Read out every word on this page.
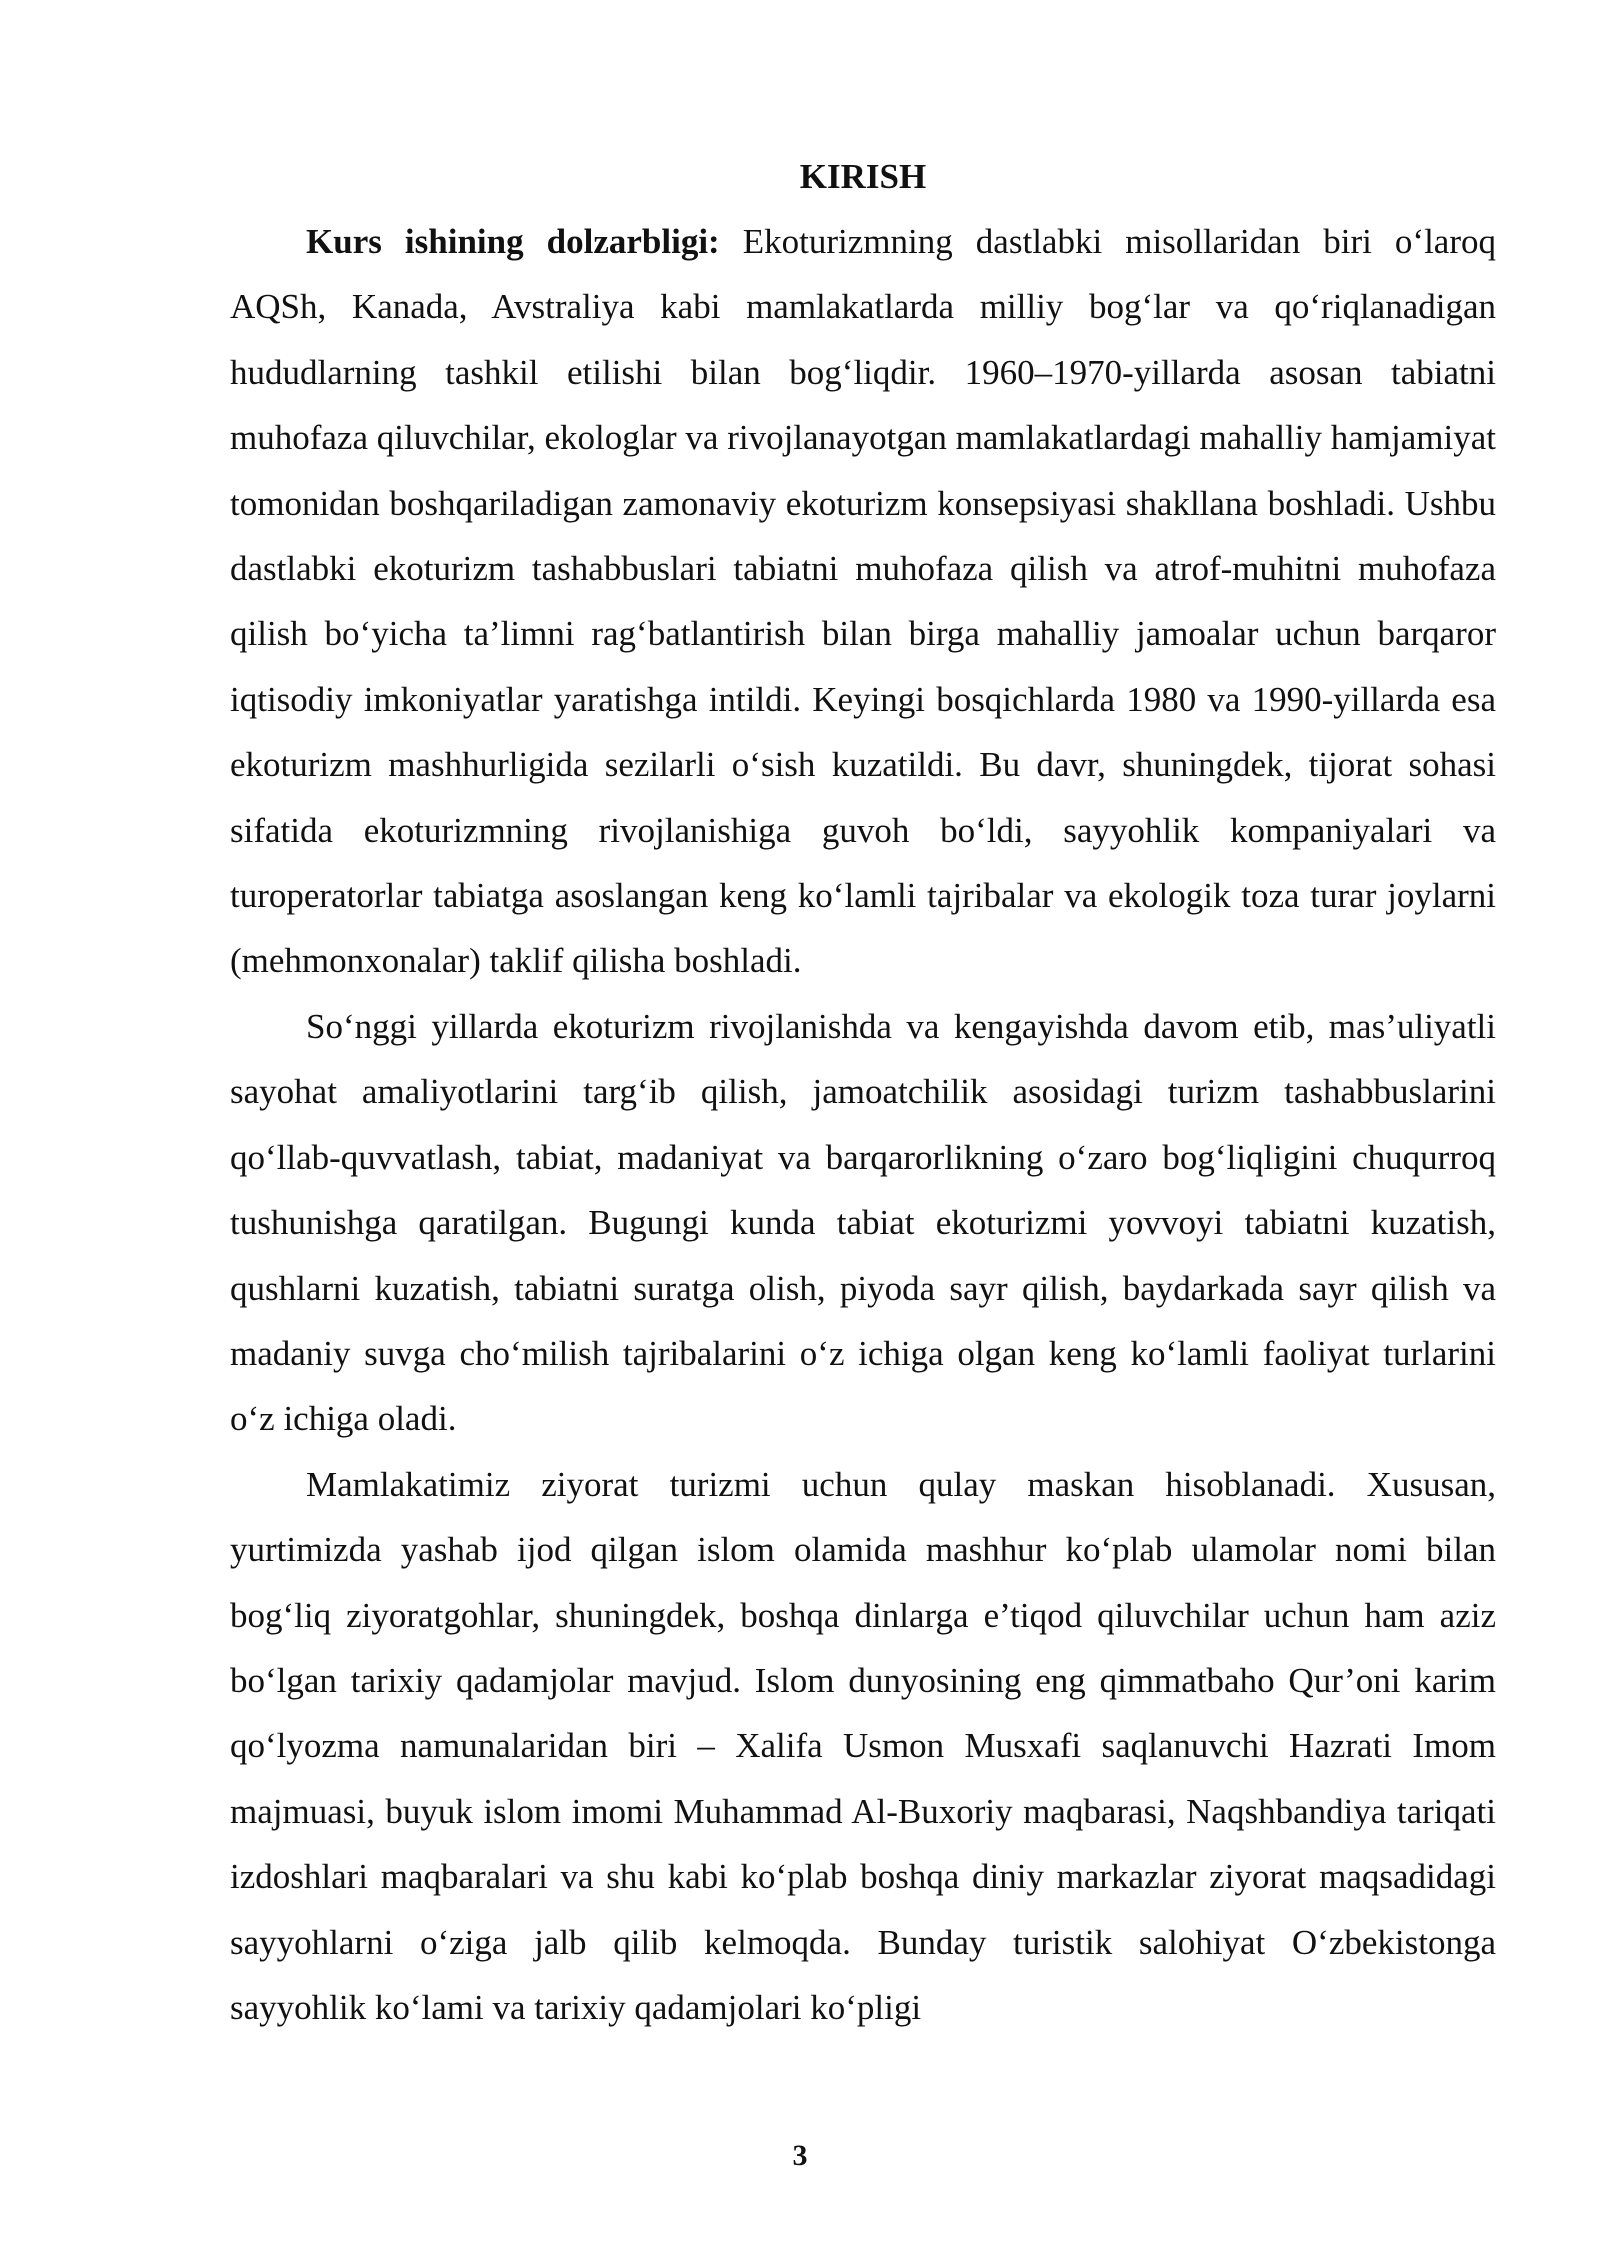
KIRISH

Kurs ishining dolzarbligi: Ekoturizmning dastlabki misollaridan biri o‘laroq AQSh, Kanada, Avstraliya kabi mamlakatlarda milliy bog‘lar va qo‘riqlanadigan hududlarning tashkil etilishi bilan bog‘liqdir. 1960–1970-yillarda asosan tabiatni muhofaza qiluvchilar, ekologlar va rivojlanayotgan mamlakatlardagi mahalliy hamjamiyat tomonidan boshqariladigan zamonaviy ekoturizm konsepsiyasi shakllana boshladi. Ushbu dastlabki ekoturizm tashabbuslari tabiatni muhofaza qilish va atrof-muhitni muhofaza qilish bo‘yicha ta’limni rag‘batlantirish bilan birga mahalliy jamoalar uchun barqaror iqtisodiy imkoniyatlar yaratishga intildi. Keyingi bosqichlarda 1980 va 1990-yillarda esa ekoturizm mashhurligida sezilarli o‘sish kuzatildi. Bu davr, shuningdek, tijorat sohasi sifatida ekoturizmning rivojlanishiga guvoh bo‘ldi, sayyohlik kompaniyalari va turoperatorlar tabiatga asoslangan keng ko‘lamli tajribalar va ekologik toza turar joylarni (mehmonxonalar) taklif qilisha boshladi.

So‘nggi yillarda ekoturizm rivojlanishda va kengayishda davom etib, mas’uliyatli sayohat amaliyotlarini targ‘ib qilish, jamoatchilik asosidagi turizm tashabbuslarini qo‘llab-quvvatlash, tabiat, madaniyat va barqarorlikning o‘zaro bog‘liqligini chuqurroq tushunishga qaratilgan. Bugungi kunda tabiat ekoturizmi yovvoyi tabiatni kuzatish, qushlarni kuzatish, tabiatni suratga olish, piyoda sayr qilish, baydarkada sayr qilish va madaniy suvga cho‘milish tajribalarini o‘z ichiga olgan keng ko‘lamli faoliyat turlarini o‘z ichiga oladi.

Mamlakatimiz ziyorat turizmi uchun qulay maskan hisoblanadi. Xususan, yurtimizda yashab ijod qilgan islom olamida mashhur ko‘plab ulamolar nomi bilan bog‘liq ziyoratgohlar, shuningdek, boshqa dinlarga e’tiqod qiluvchilar uchun ham aziz bo‘lgan tarixiy qadamjolar mavjud. Islom dunyosining eng qimmatbaho Qur’oni karim qo‘lyozma namunalaridan biri – Xalifa Usmon Musxafi saqlanuvchi Hazrati Imom majmuasi, buyuk islom imomi Muhammad Al-Buxoriy maqbarasi, Naqshbandiya tariqati izdoshlari maqbaralari va shu kabi ko‘plab boshqa diniy markazlar ziyorat maqsadidagi sayyohlarni o‘ziga jalb qilib kelmoqda. Bunday turistik salohiyat O‘zbekistonga sayyohlik ko‘lami va tarixiy qadamjolari ko‘pligi

3
